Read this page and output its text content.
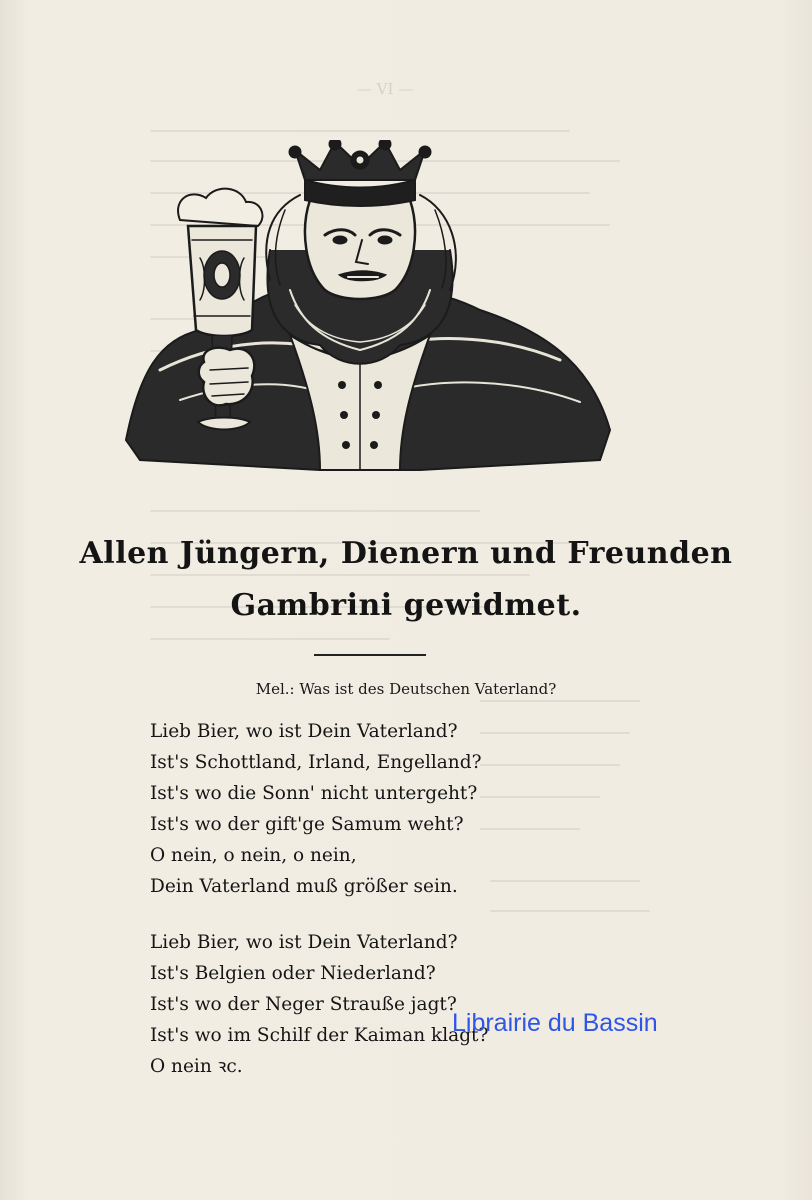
— VI —
Allen Jüngern, Dienern und Freunden
Gambrini gewidmet.
Mel.: Was ist des Deutschen Vaterland?
Lieb Bier, wo ist Dein Vaterland?
Ist's Schottland, Irland, Engelland?
Ist's wo die Sonn' nicht untergeht?
Ist's wo der gift'ge Samum weht?
O nein, o nein, o nein,
Dein Vaterland muß größer sein.
Lieb Bier, wo ist Dein Vaterland?
Ist's Belgien oder Niederland?
Ist's wo der Neger Strauße jagt?
Ist's wo im Schilf der Kaiman klagt?
O nein ꝛc.
Librairie du Bassin
